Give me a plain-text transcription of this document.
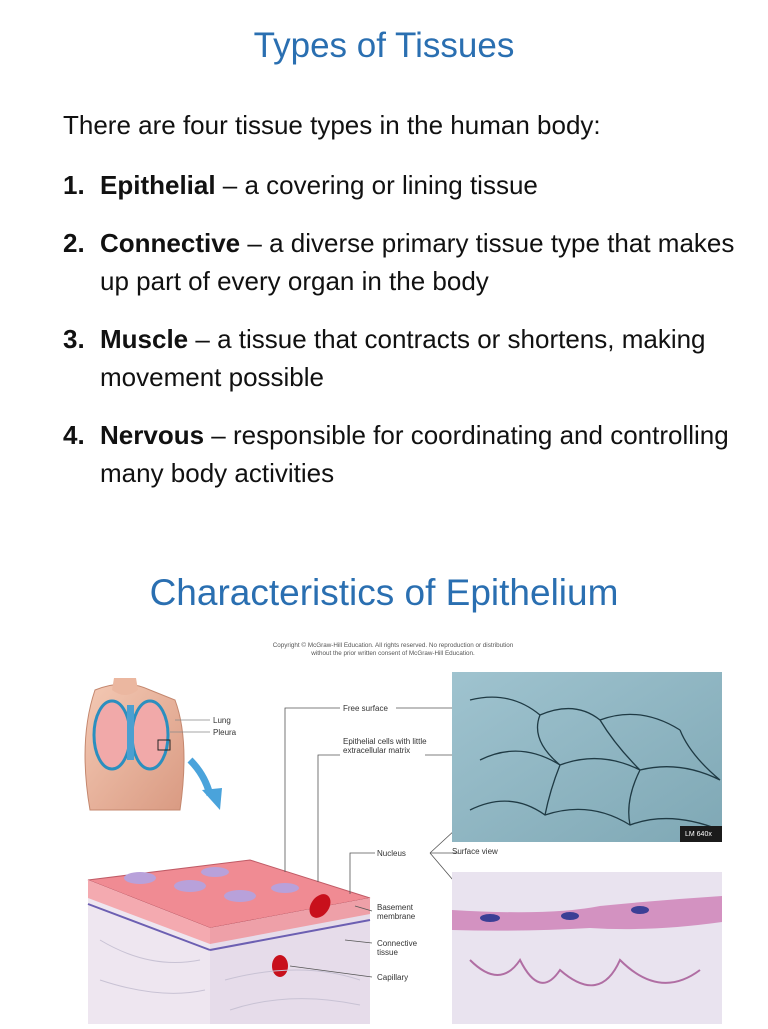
Types of Tissues
There are four tissue types in the human body:
1. Epithelial – a covering or lining tissue
2. Connective – a diverse primary tissue type that makes up part of every organ in the body
3. Muscle – a tissue that contracts or shortens, making movement possible
4. Nervous – responsible for coordinating and controlling many body activities
Characteristics of Epithelium
Copyright © McGraw-Hill Education. All rights reserved. No reproduction or distribution without the prior written consent of McGraw-Hill Education.
Lung
Pleura
Free surface
Epithelial cells with little extracellular matrix
Nucleus	Surface view
Basement membrane
Connective tissue
Capillary
LM 640x
